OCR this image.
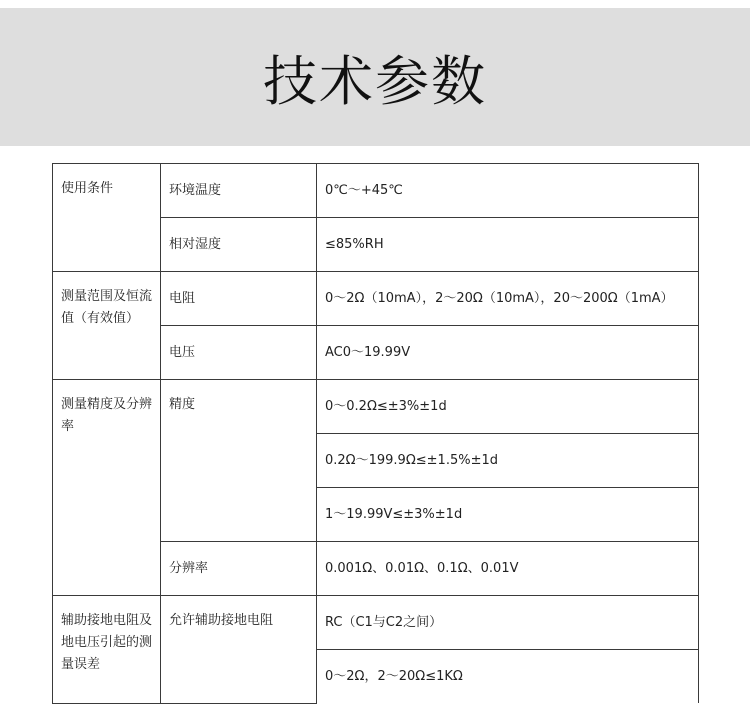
技术参数
使用条件	环境温度	0℃～+45℃
	相对湿度	≤85%RH
测量范围及恒流值（有效值）	电阻	0～2Ω（10mA），2～20Ω（10mA），20～200Ω（1mA）
	电压	AC0～19.99V
测量精度及分辨率	精度	0～0.2Ω≤±3%±1d
		0.2Ω～199.9Ω≤±1.5%±1d
		1～19.99V≤±3%±1d
	分辨率	0.001Ω、0.01Ω、0.1Ω、0.01V
辅助接地电阻及地电压引起的测量误差	允许辅助接地电阻	RC（C1与C2之间）
		0～2Ω，2～20Ω≤1KΩ
